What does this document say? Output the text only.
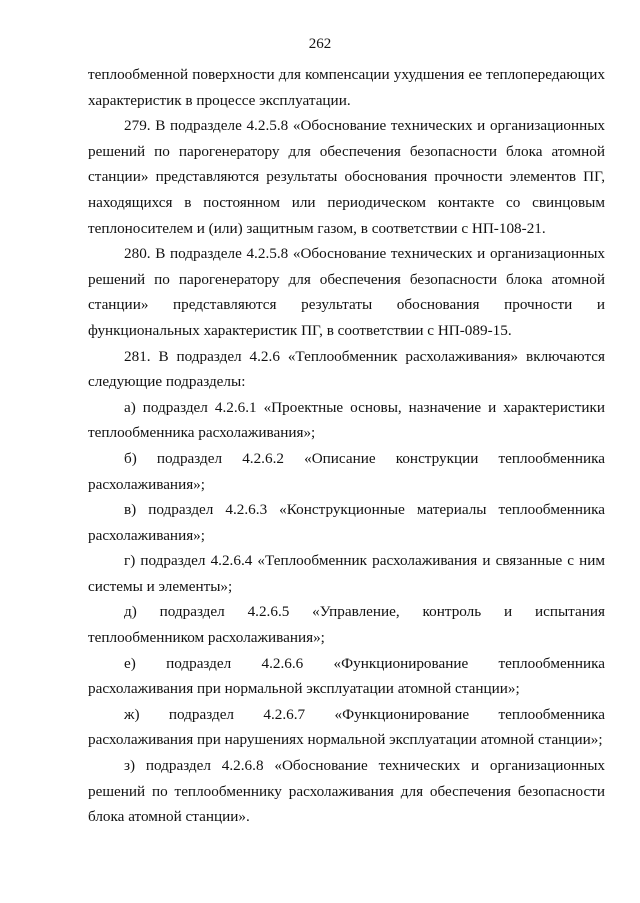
262

теплообменной поверхности для компенсации ухудшения ее теплопередающих характеристик в процессе эксплуатации.

279. В подразделе 4.2.5.8 «Обоснование технических и организационных решений по парогенератору для обеспечения безопасности блока атомной станции» представляются результаты обоснования прочности элементов ПГ, находящихся в постоянном или периодическом контакте со свинцовым теплоносителем и (или) защитным газом, в соответствии с НП-108-21.

280. В подразделе 4.2.5.8 «Обоснование технических и организационных решений по парогенератору для обеспечения безопасности блока атомной станции» представляются результаты обоснования прочности и функциональных характеристик ПГ, в соответствии с НП-089-15.

281. В подраздел 4.2.6 «Теплообменник расхолаживания» включаются следующие подразделы:

а) подраздел 4.2.6.1 «Проектные основы, назначение и характеристики теплообменника расхолаживания»;

б) подраздел 4.2.6.2 «Описание конструкции теплообменника расхолаживания»;

в) подраздел 4.2.6.3 «Конструкционные материалы теплообменника расхолаживания»;

г) подраздел 4.2.6.4 «Теплообменник расхолаживания и связанные с ним системы и элементы»;

д) подраздел 4.2.6.5 «Управление, контроль и испытания теплообменником расхолаживания»;

е) подраздел 4.2.6.6 «Функционирование теплообменника расхолаживания при нормальной эксплуатации атомной станции»;

ж) подраздел 4.2.6.7 «Функционирование теплообменника расхолаживания при нарушениях нормальной эксплуатации атомной станции»;

з) подраздел 4.2.6.8 «Обоснование технических и организационных решений по теплообменнику расхолаживания для обеспечения безопасности блока атомной станции».
